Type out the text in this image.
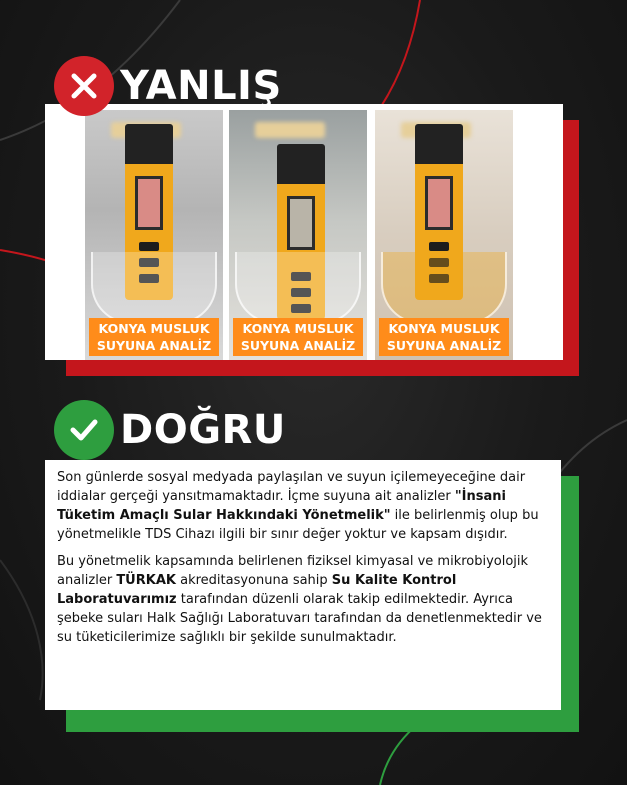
KONYA MUSLUK
SUYUNA ANALİZ
KONYA MUSLUK
SUYUNA ANALİZ
KONYA MUSLUK
SUYUNA ANALİZ
YANLIŞ

Son günlerde sosyal medyada paylaşılan ve suyun içilemeyeceğine dair iddialar gerçeği yansıtmamaktadır. İçme suyuna ait analizler "İnsani Tüketim Amaçlı Sular Hakkındaki Yönetmelik" ile belirlenmiş olup bu yönetmelikle TDS Cihazı ilgili bir sınır değer yoktur ve kapsam dışıdır.

Bu yönetmelik kapsamında belirlenen fiziksel kimyasal ve mikrobiyolojik analizler TÜRKAK akreditasyonuna sahip Su Kalite Kontrol Laboratuvarımız tarafından düzenli olarak takip edilmektedir. Ayrıca şebeke suları Halk Sağlığı Laboratuvarı tarafından da denetlenmektedir ve su tüketicilerimize sağlıklı bir şekilde sunulmaktadır.

DOĞRU
